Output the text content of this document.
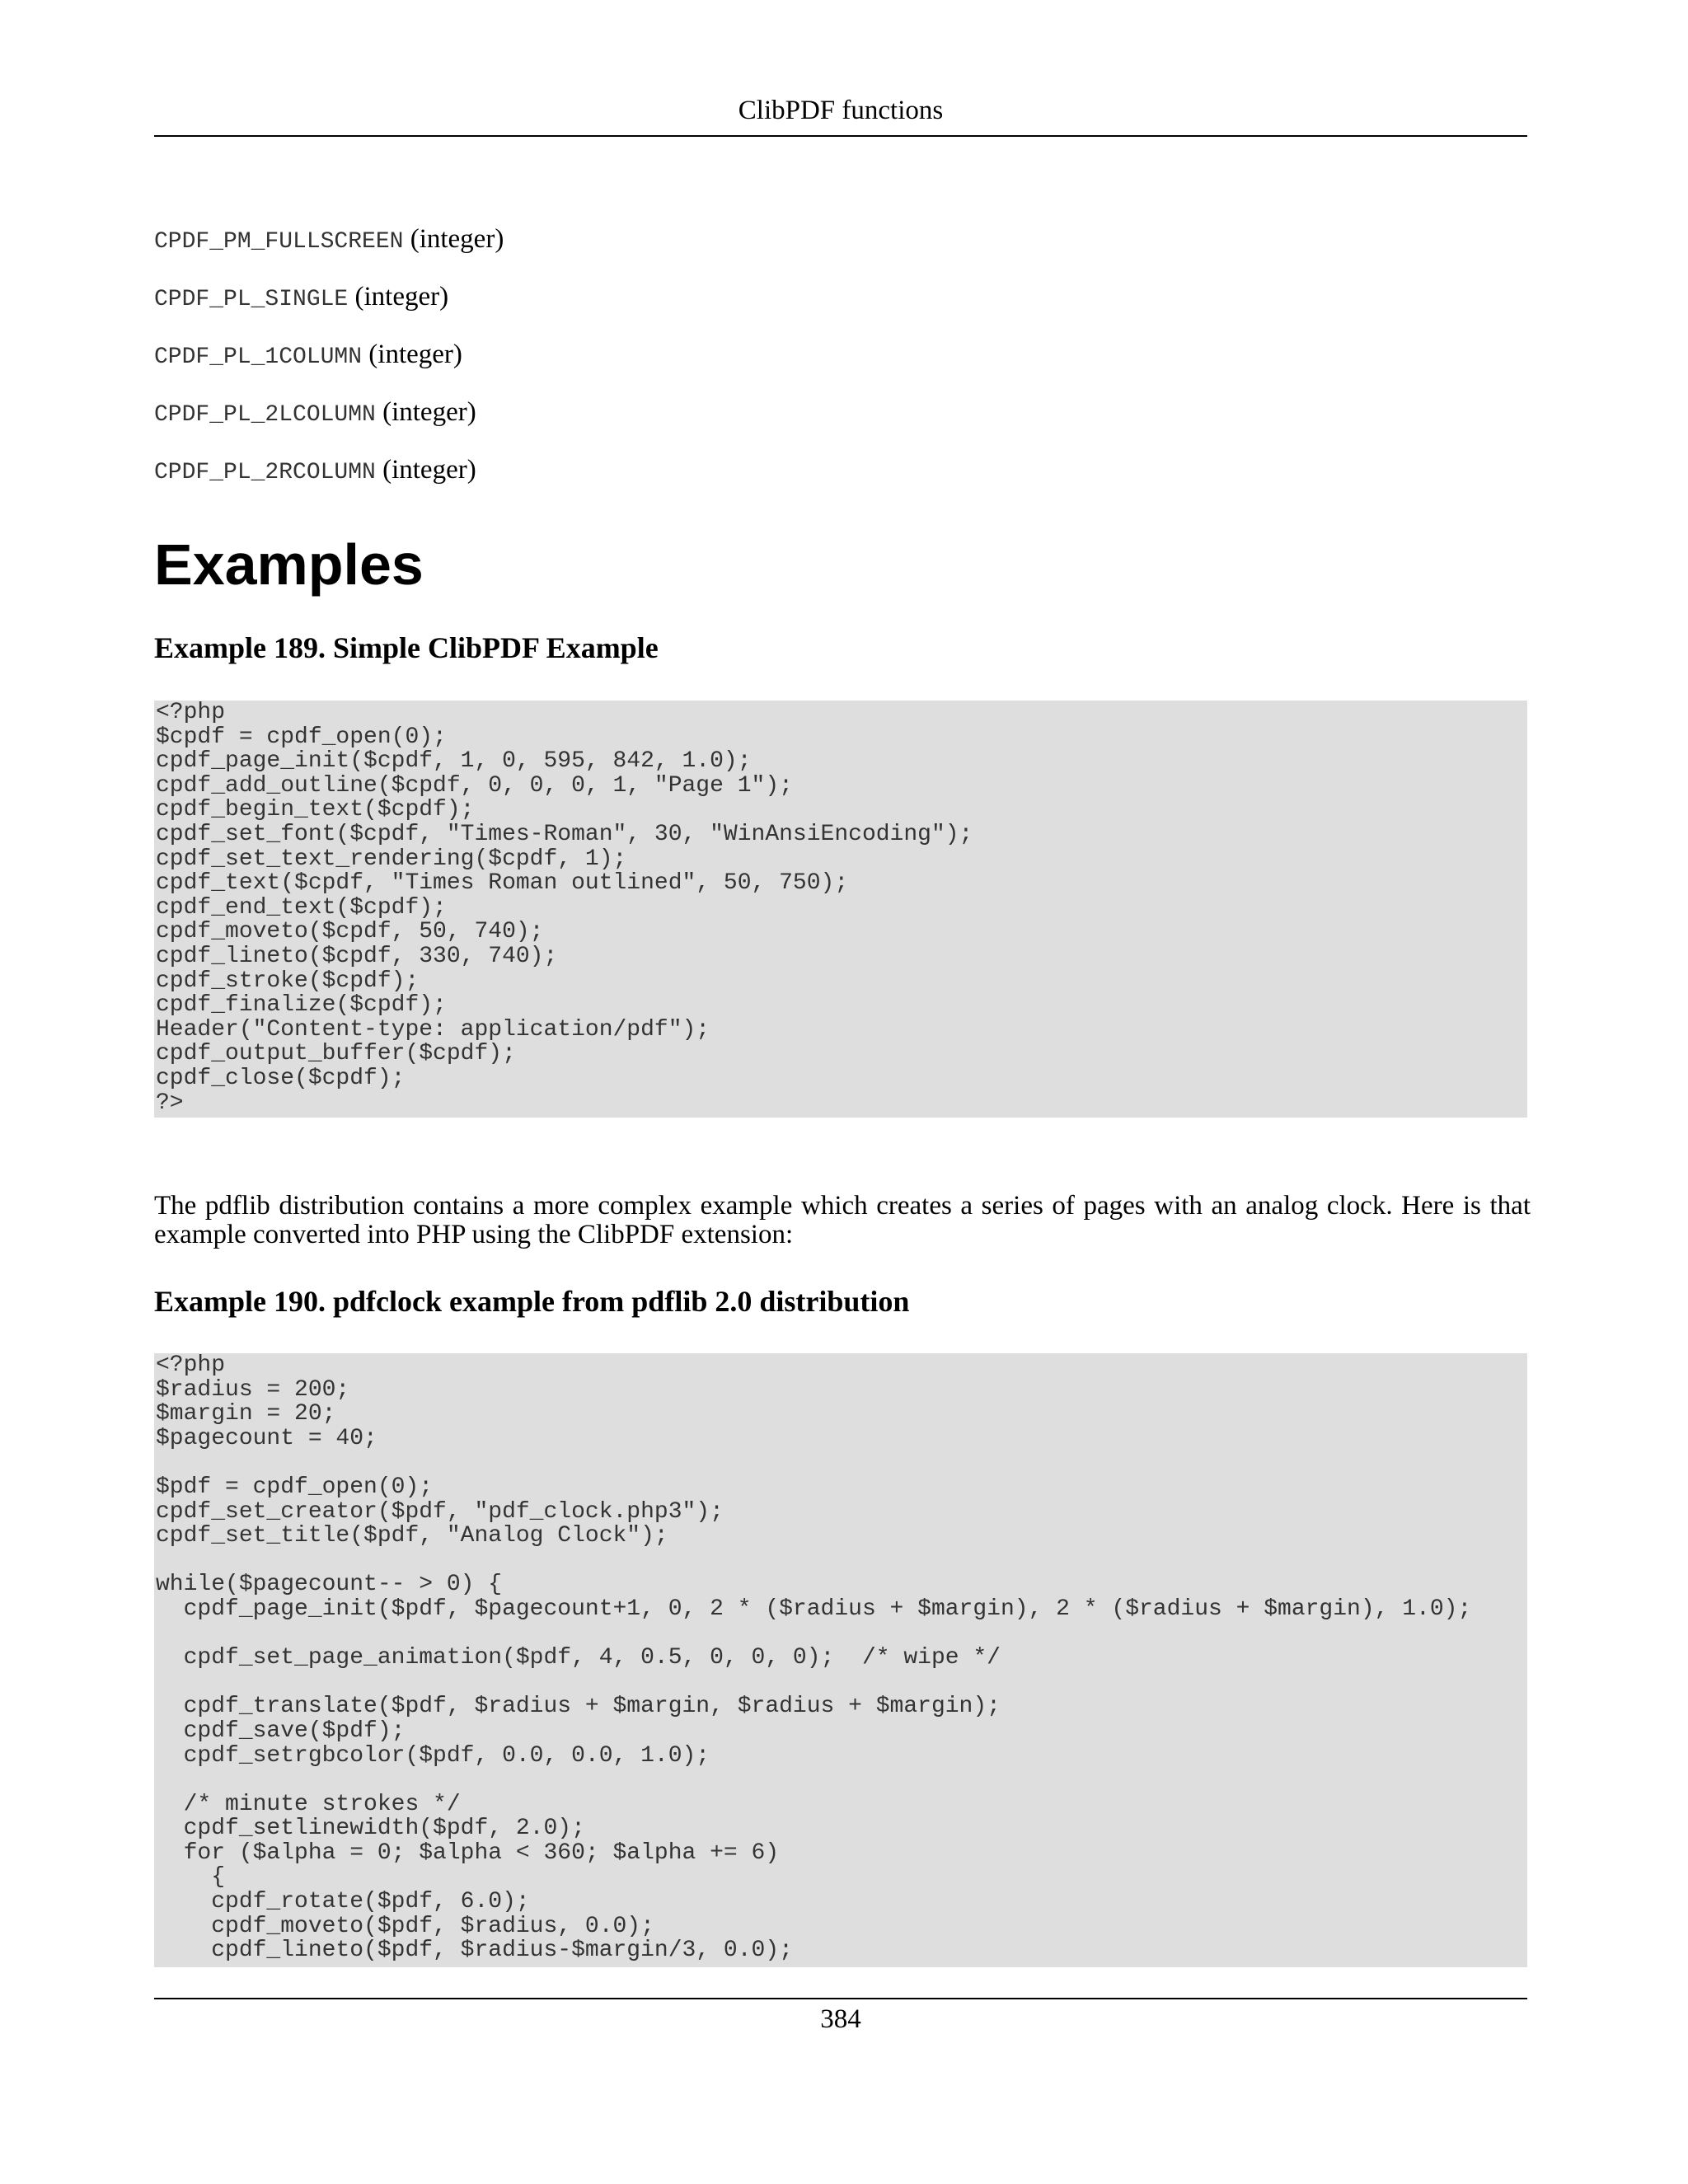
ClibPDF functions
CPDF_PM_FULLSCREEN (integer)
CPDF_PL_SINGLE (integer)
CPDF_PL_1COLUMN (integer)
CPDF_PL_2LCOLUMN (integer)
CPDF_PL_2RCOLUMN (integer)
Examples
Example 189. Simple ClibPDF Example
<?php
$cpdf = cpdf_open(0);
cpdf_page_init($cpdf, 1, 0, 595, 842, 1.0);
cpdf_add_outline($cpdf, 0, 0, 0, 1, "Page 1");
cpdf_begin_text($cpdf);
cpdf_set_font($cpdf, "Times-Roman", 30, "WinAnsiEncoding");
cpdf_set_text_rendering($cpdf, 1);
cpdf_text($cpdf, "Times Roman outlined", 50, 750);
cpdf_end_text($cpdf);
cpdf_moveto($cpdf, 50, 740);
cpdf_lineto($cpdf, 330, 740);
cpdf_stroke($cpdf);
cpdf_finalize($cpdf);
Header("Content-type: application/pdf");
cpdf_output_buffer($cpdf);
cpdf_close($cpdf);
?>

The pdflib distribution contains a more complex example which creates a series of pages with an analog clock. Here is that example converted into PHP using the ClibPDF extension:

Example 190. pdfclock example from pdflib 2.0 distribution
<?php
$radius = 200;
$margin = 20;
$pagecount = 40;

$pdf = cpdf_open(0);
cpdf_set_creator($pdf, "pdf_clock.php3");
cpdf_set_title($pdf, "Analog Clock");

while($pagecount-- > 0) {
cpdf_page_init($pdf, $pagecount+1, 0, 2 * ($radius + $margin), 2 * ($radius + $margin), 1.0);

cpdf_set_page_animation($pdf, 4, 0.5, 0, 0, 0);  /* wipe */

cpdf_translate($pdf, $radius + $margin, $radius + $margin);
cpdf_save($pdf);
cpdf_setrgbcolor($pdf, 0.0, 0.0, 1.0);

/* minute strokes */
cpdf_setlinewidth($pdf, 2.0);
for ($alpha = 0; $alpha < 360; $alpha += 6)
{
cpdf_rotate($pdf, 6.0);
cpdf_moveto($pdf, $radius, 0.0);
cpdf_lineto($pdf, $radius-$margin/3, 0.0);
384
